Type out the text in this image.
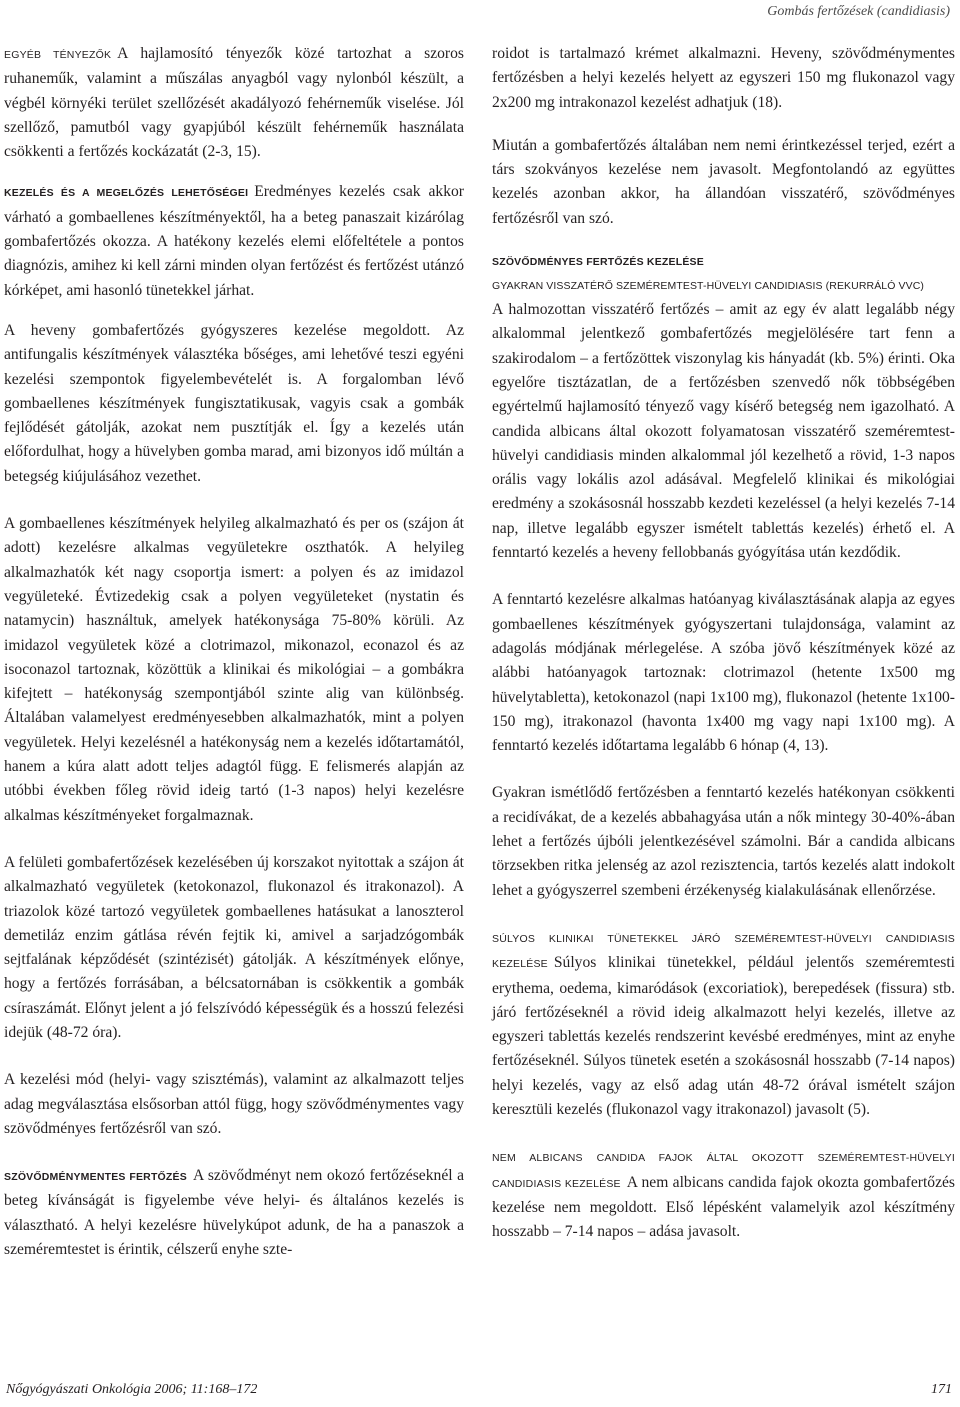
Gombás fertőzések (candidiasis)

EGYÉB TÉNYEZŐK A hajlamosító tényezők közé tartozhat a szoros ruhaneműk, valamint a műszálas anyagból vagy nylonból készült, a végbél környéki terület szellőzését akadályozó fehérneműk viselése. Jól szellőző, pamutból vagy gyapjúból készült fehérneműk használata csökkenti a fertőzés kockázatát (2-3, 15).

KEZELÉS ÉS A MEGELŐZÉS LEHETŐSÉGEI Eredményes kezelés csak akkor várható a gombaellenes készítményektől, ha a beteg panaszait kizárólag gombafertőzés okozza. A hatékony kezelés elemi előfeltétele a pontos diagnózis, amihez ki kell zárni minden olyan fertőzést és fertőzést utánzó kórképet, ami hasonló tünetekkel járhat.

A heveny gombafertőzés gyógyszeres kezelése megoldott. Az antifungalis készítmények választéka bőséges, ami lehetővé teszi egyéni kezelési szempontok figyelembevételét is. A forgalomban lévő gombaellenes készítmények fungisztatikusak, vagyis csak a gombák fejlődését gátolják, azokat nem pusztítják el. Így a kezelés után előfordulhat, hogy a hüvelyben gomba marad, ami bizonyos idő múltán a betegség kiújulásához vezethet.

A gombaellenes készítmények helyileg alkalmazható és per os (szájon át adott) kezelésre alkalmas vegyületekre oszthatók. A helyileg alkalmazhatók két nagy csoportja ismert: a polyen és az imidazol vegyületeké. Évtizedekig csak a polyen vegyületeket (nystatin és natamycin) használtuk, amelyek hatékonysága 75-80% körüli. Az imidazol vegyületek közé a clotrimazol, mikonazol, econazol és az isoconazol tartoznak, közöttük a klinikai és mikológiai – a gombákra kifejtett – hatékonyság szempontjából szinte alig van különbség. Általában valamelyest eredményesebben alkalmazhatók, mint a polyen vegyületek. Helyi kezelésnél a hatékonyság nem a kezelés időtartamától, hanem a kúra alatt adott teljes adagtól függ. E felismerés alapján az utóbbi években főleg rövid ideig tartó (1-3 napos) helyi kezelésre alkalmas készítményeket forgalmaznak.

A felületi gombafertőzések kezelésében új korszakot nyitottak a szájon át alkalmazható vegyületek (ketokonazol, flukonazol és itrakonazol). A triazolok közé tartozó vegyületek gombaellenes hatásukat a lanoszterol demetiláz enzim gátlása révén fejtik ki, amivel a sarjadzógombák sejtfalának képződését (szintézisét) gátolják. A készítmények előnye, hogy a fertőzés forrásában, a bélcsatornában is csökkentik a gombák csíraszámát. Előnyt jelent a jó felszívódó képességük és a hosszú felezési idejük (48-72 óra).

A kezelési mód (helyi- vagy szisztémás), valamint az alkalmazott teljes adag megválasztása elsősorban attól függ, hogy szövődménymentes vagy szövődményes fertőzésről van szó.

SZÖVŐDMÉNYMENTES FERTŐZÉS A szövődményt nem okozó fertőzéseknél a beteg kívánságát is figyelembe véve helyi- és általános kezelés is választható. A helyi kezelésre hüvelykúpot adunk, de ha a panaszok a szeméremtestet is érintik, célszerű enyhe szte-

roidot is tartalmazó krémet alkalmazni. Heveny, szövődménymentes fertőzésben a helyi kezelés helyett az egyszeri 150 mg flukonazol vagy 2x200 mg intrakonazol kezelést adhatjuk (18).

Miután a gombafertőzés általában nem nemi érintkezéssel terjed, ezért a társ szokványos kezelése nem javasolt. Megfontolandó az együttes kezelés azonban akkor, ha állandóan visszatérő, szövődményes fertőzésről van szó.

SZÖVŐDMÉNYES FERTŐZÉS KEZELÉSE

GYAKRAN VISSZATÉRŐ SZEMÉREMTEST-HÜVELYI CANDIDIASIS (REKURRÁLÓ VVC)

A halmozottan visszatérő fertőzés – amit az egy év alatt legalább négy alkalommal jelentkező gombafertőzés megjelölésére tart fenn a szakirodalom – a fertőzöttek viszonylag kis hányadát (kb. 5%) érinti. Oka egyelőre tisztázatlan, de a fertőzésben szenvedő nők többségében egyértelmű hajlamosító tényező vagy kísérő betegség nem igazolható. A candida albicans által okozott folyamatosan visszatérő szeméremtest-hüvelyi candidiasis minden alkalommal jól kezelhető a rövid, 1-3 napos orális vagy lokális azol adásával. Megfelelő klinikai és mikológiai eredmény a szokásosnál hosszabb kezdeti kezeléssel (a helyi kezelés 7-14 nap, illetve legalább egyszer ismételt tablettás kezelés) érhető el. A fenntartó kezelés a heveny fellobbanás gyógyítása után kezdődik.

A fenntartó kezelésre alkalmas hatóanyag kiválasztásának alapja az egyes gombaellenes készítmények gyógyszertani tulajdonsága, valamint az adagolás módjának mérlegelése. A szóba jövő készítmények közé az alábbi hatóanyagok tartoznak: clotrimazol (hetente 1x500 mg hüvelytabletta), ketokonazol (napi 1x100 mg), flukonazol (hetente 1x100-150 mg), itrakonazol (havonta 1x400 mg vagy napi 1x100 mg). A fenntartó kezelés időtartama legalább 6 hónap (4, 13).

Gyakran ismétlődő fertőzésben a fenntartó kezelés hatékonyan csökkenti a recidívákat, de a kezelés abbahagyása után a nők mintegy 30-40%-ában lehet a fertőzés újbóli jelentkezésével számolni. Bár a candida albicans törzsekben ritka jelenség az azol rezisztencia, tartós kezelés alatt indokolt lehet a gyógyszerrel szembeni érzékenység kialakulásának ellenőrzése.

SÚLYOS KLINIKAI TÜNETEKKEL JÁRÓ SZEMÉREMTEST-HÜVELYI CANDIDIASIS KEZELÉSE Súlyos klinikai tünetekkel, például jelentős szeméremtesti erythema, oedema, kimaródások (excoriatiok), berepedések (fissura) stb. járó fertőzéseknél a rövid ideig alkalmazott helyi kezelés, illetve az egyszeri tablettás kezelés rendszerint kevésbé eredményes, mint az enyhe fertőzéseknél. Súlyos tünetek esetén a szokásosnál hosszabb (7-14 napos) helyi kezelés, vagy az első adag után 48-72 órával ismételt szájon keresztüli kezelés (flukonazol vagy itrakonazol) javasolt (5).

NEM ALBICANS CANDIDA FAJOK ÁLTAL OKOZOTT SZEMÉREMTEST-HÜVELYI CANDIDIASIS KEZELÉSE A nem albicans candida fajok okozta gombafertőzés kezelése nem megoldott. Első lépésként valamelyik azol készítmény hosszabb – 7-14 napos – adása javasolt.

Nőgyógyászati Onkológia 2006; 11:168–172	171
